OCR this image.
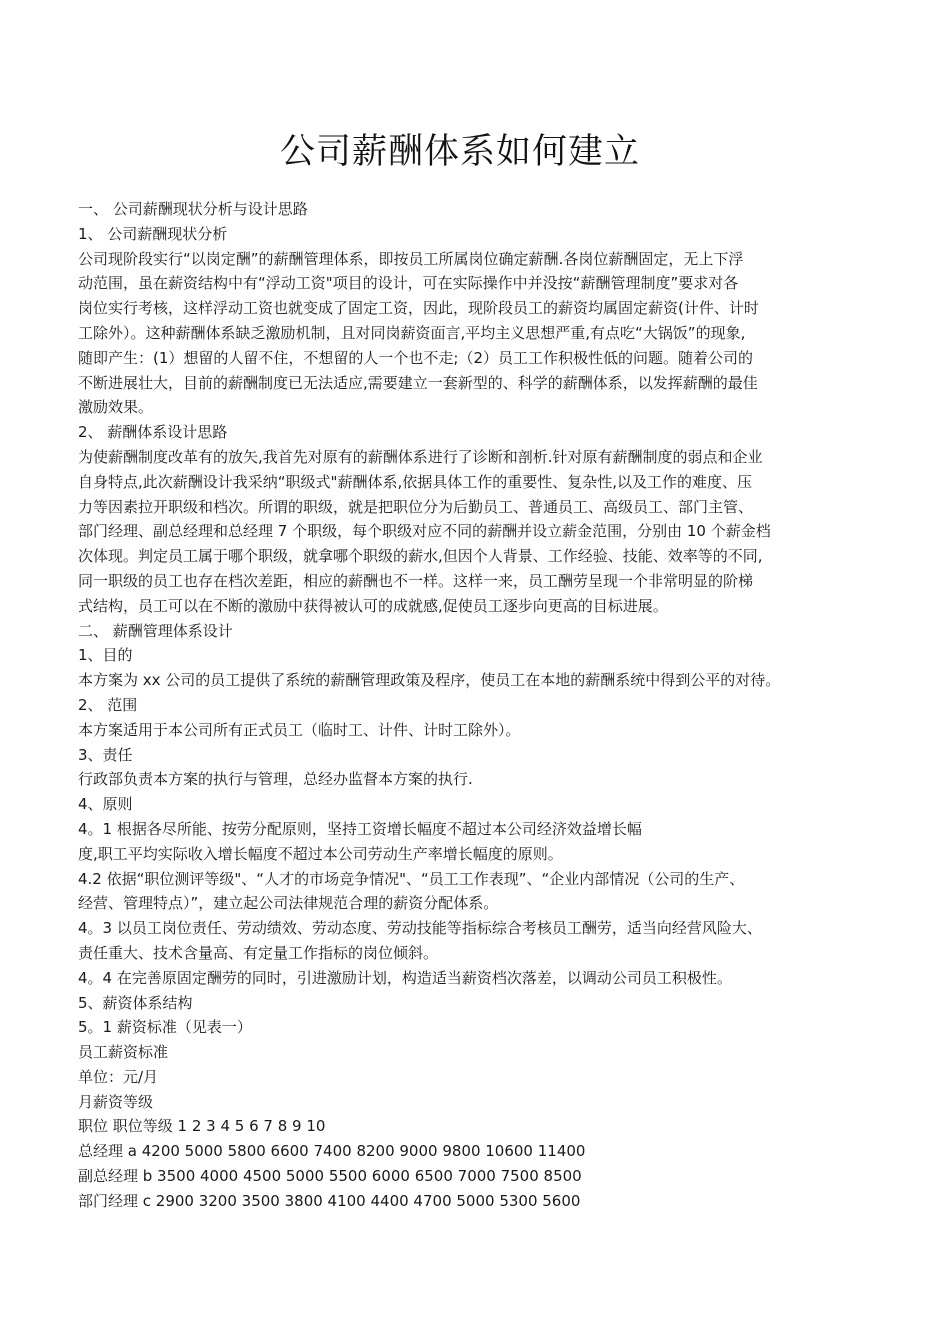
公司薪酬体系如何建立
一、 公司薪酬现状分析与设计思路
1、 公司薪酬现状分析
公司现阶段实行“以岗定酬”的薪酬管理体系，即按员工所属岗位确定薪酬.各岗位薪酬固定，无上下浮
动范围，虽在薪资结构中有“浮动工资"项目的设计，可在实际操作中并没按“薪酬管理制度”要求对各
岗位实行考核，这样浮动工资也就变成了固定工资，因此，现阶段员工的薪资均属固定薪资(计件、计时
工除外）。这种薪酬体系缺乏激励机制，且对同岗薪资面言,平均主义思想严重,有点吃“大锅饭”的现象,
随即产生：(1）想留的人留不住，不想留的人一个也不走;（2）员工工作积极性低的问题。随着公司的
不断进展壮大，目前的薪酬制度已无法适应,需要建立一套新型的、科学的薪酬体系，以发挥薪酬的最佳
激励效果。
2、 薪酬体系设计思路
为使薪酬制度改革有的放矢,我首先对原有的薪酬体系进行了诊断和剖析.针对原有薪酬制度的弱点和企业
自身特点,此次薪酬设计我采纳“职级式"薪酬体系,依据具体工作的重要性、复杂性,以及工作的难度、压
力等因素拉开职级和档次。所谓的职级，就是把职位分为后勤员工、普通员工、高级员工、部门主管、
部门经理、副总经理和总经理 7 个职级，每个职级对应不同的薪酬并设立薪金范围，分别由 10 个薪金档
次体现。判定员工属于哪个职级，就拿哪个职级的薪水,但因个人背景、工作经验、技能、效率等的不同,
同一职级的员工也存在档次差距，相应的薪酬也不一样。这样一来，员工酬劳呈现一个非常明显的阶梯
式结构，员工可以在不断的激励中获得被认可的成就感,促使员工逐步向更高的目标进展。
二、 薪酬管理体系设计
1、目的
本方案为 xx 公司的员工提供了系统的薪酬管理政策及程序，使员工在本地的薪酬系统中得到公平的对待。
2、 范围
本方案适用于本公司所有正式员工（临时工、计件、计时工除外）。
3、责任
行政部负责本方案的执行与管理，总经办监督本方案的执行.
4、原则
4。1 根据各尽所能、按劳分配原则，坚持工资增长幅度不超过本公司经济效益增长幅
度,职工平均实际收入增长幅度不超过本公司劳动生产率增长幅度的原则。
4.2 依据“职位测评等级"、“人才的市场竞争情况"、“员工工作表现”、“企业内部情况（公司的生产、
经营、管理特点）”，建立起公司法律规范合理的薪资分配体系。
4。3 以员工岗位责任、劳动绩效、劳动态度、劳动技能等指标综合考核员工酬劳，适当向经营风险大、
责任重大、技术含量高、有定量工作指标的岗位倾斜。
4。4 在完善原固定酬劳的同时，引进激励计划，构造适当薪资档次落差，以调动公司员工积极性。
5、薪资体系结构
5。1 薪资标准（见表一）
员工薪资标准
单位：元/月
月薪资等级
职位 职位等级 1 2 3 4 5 6 7 8 9 10
总经理 a 4200 5000 5800 6600 7400 8200 9000 9800 10600 11400
副总经理 b 3500 4000 4500 5000 5500 6000 6500 7000 7500 8500
部门经理 c 2900 3200 3500 3800 4100 4400 4700 5000 5300 5600
